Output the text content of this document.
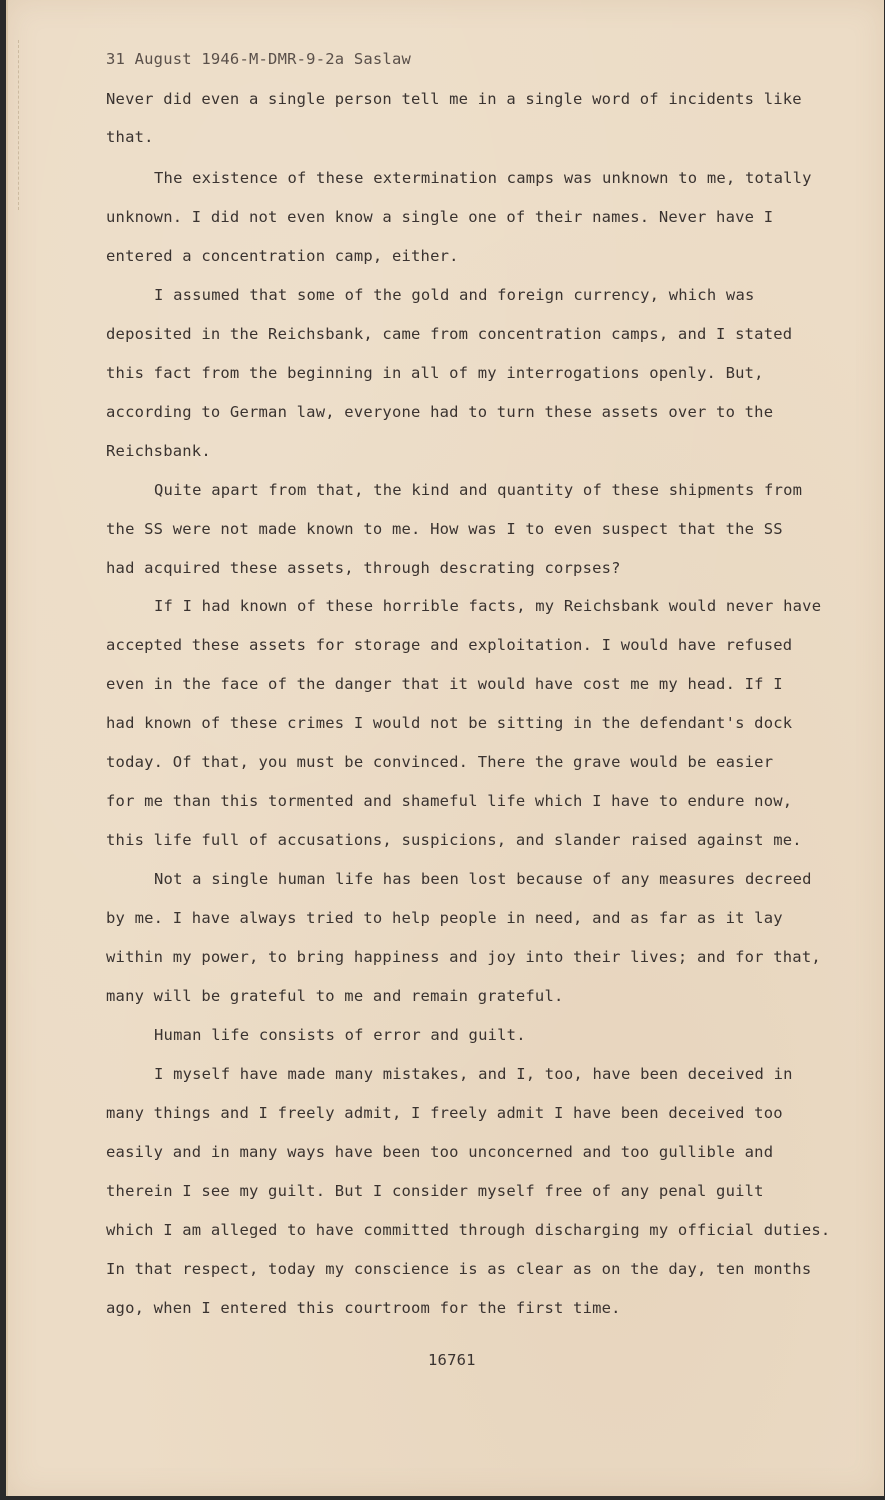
31 August 1946-M-DMR-9-2a Saslaw
Never did even a single person tell me in a single word of incidents like
that.
The existence of these extermination camps was unknown to me, totally
unknown. I did not even know a single one of their names. Never have I
entered a concentration camp, either.
I assumed that some of the gold and foreign currency, which was
deposited in the Reichsbank, came from concentration camps, and I stated
this fact from the beginning in all of my interrogations openly. But,
according to German law, everyone had to turn these assets over to the
Reichsbank.
Quite apart from that, the kind and quantity of these shipments from
the SS were not made known to me. How was I to even suspect that the SS
had acquired these assets, through descrating corpses?
If I had known of these horrible facts, my Reichsbank would never have
accepted these assets for storage and exploitation. I would have refused
even in the face of the danger that it would have cost me my head. If I
had known of these crimes I would not be sitting in the defendant's dock
today. Of that, you must be convinced. There the grave would be easier
for me than this tormented and shameful life which I have to endure now,
this life full of accusations, suspicions, and slander raised against me.
Not a single human life has been lost because of any measures decreed
by me. I have always tried to help people in need, and as far as it lay
within my power, to bring happiness and joy into their lives; and for that,
many will be grateful to me and remain grateful.
Human life consists of error and guilt.
I myself have made many mistakes, and I, too, have been deceived in
many things and I freely admit, I freely admit I have been deceived too
easily and in many ways have been too unconcerned and too gullible and
therein I see my guilt. But I consider myself free of any penal guilt
which I am alleged to have committed through discharging my official duties.
In that respect, today my conscience is as clear as on the day, ten months
ago, when I entered this courtroom for the first time.
16761
